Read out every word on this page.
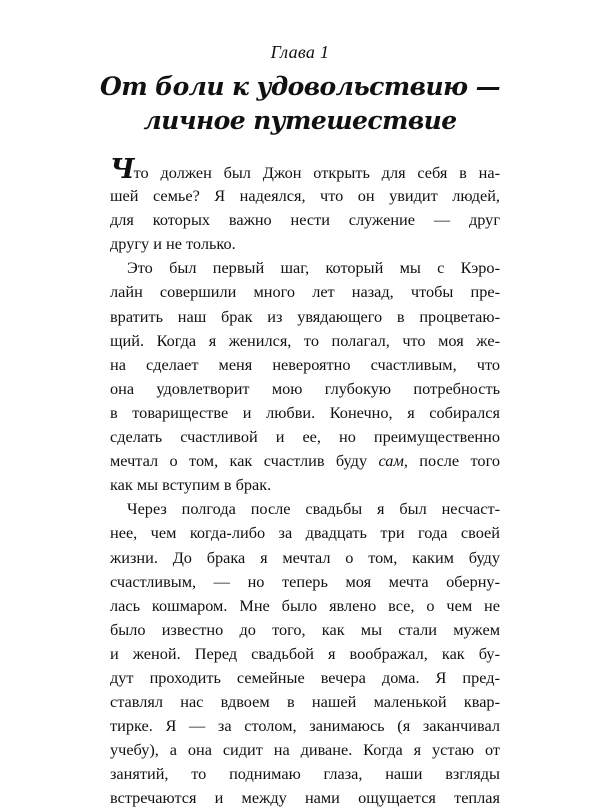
Глава 1
От боли к удовольствию —
личное путешествие
Что должен был Джон открыть для себя в на-
шей семье? Я надеялся, что он увидит людей,
для которых важно нести служение — друг
другу и не только.
Это был первый шаг, который мы с Кэро-
лайн совершили много лет назад, чтобы пре-
вратить наш брак из увядающего в процветаю-
щий. Когда я женился, то полагал, что моя же-
на сделает меня невероятно счастливым, что
она удовлетворит мою глубокую потребность
в товариществе и любви. Конечно, я собирался
сделать счастливой и ее, но преимущественно
мечтал о том, как счастлив буду сам, после того
как мы вступим в брак.
Через полгода после свадьбы я был несчаст-
нее, чем когда-либо за двадцать три года своей
жизни. До брака я мечтал о том, каким буду
счастливым, — но теперь моя мечта оберну-
лась кошмаром. Мне было явлено все, о чем не
было известно до того, как мы стали мужем
и женой. Перед свадьбой я воображал, как бу-
дут проходить семейные вечера дома. Я пред-
ставлял нас вдвоем в нашей маленькой квар-
тирке. Я — за столом, занимаюсь (я заканчивал
учебу), а она сидит на диване. Когда я устаю от
занятий, то поднимаю глаза, наши взгляды
встречаются и между нами ощущается теплая
